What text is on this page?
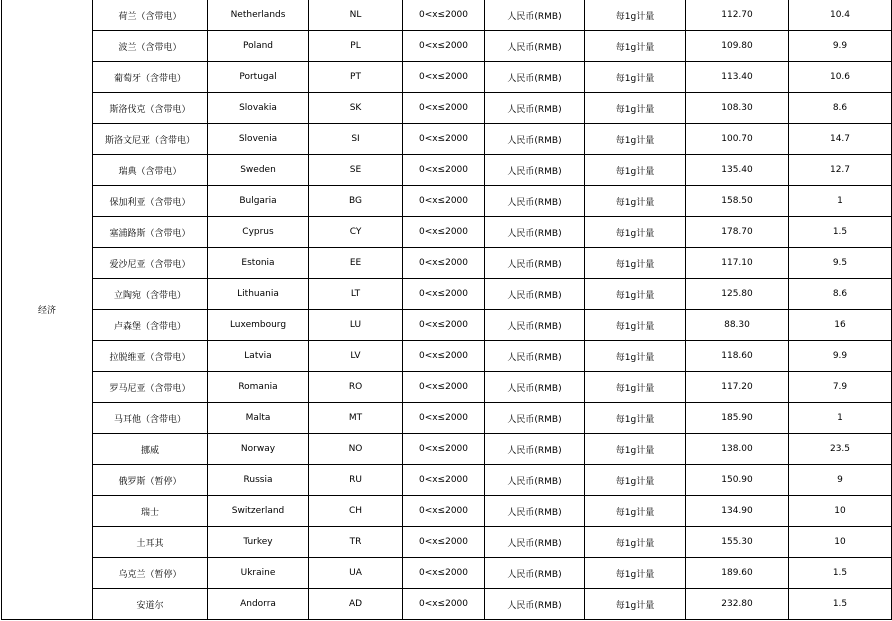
经济	荷兰（含带电）	Netherlands	NL	0<x≤2000	人民币(RMB)	每1g计量	112.70	10.4
	波兰（含带电）	Poland	PL	0<x≤2000	人民币(RMB)	每1g计量	109.80	9.9
	葡萄牙（含带电）	Portugal	PT	0<x≤2000	人民币(RMB)	每1g计量	113.40	10.6
	斯洛伐克（含带电）	Slovakia	SK	0<x≤2000	人民币(RMB)	每1g计量	108.30	8.6
	斯洛文尼亚（含带电）	Slovenia	SI	0<x≤2000	人民币(RMB)	每1g计量	100.70	14.7
	瑞典（含带电）	Sweden	SE	0<x≤2000	人民币(RMB)	每1g计量	135.40	12.7
	保加利亚（含带电）	Bulgaria	BG	0<x≤2000	人民币(RMB)	每1g计量	158.50	1
	塞浦路斯（含带电）	Cyprus	CY	0<x≤2000	人民币(RMB)	每1g计量	178.70	1.5
	爱沙尼亚（含带电）	Estonia	EE	0<x≤2000	人民币(RMB)	每1g计量	117.10	9.5
	立陶宛（含带电）	Lithuania	LT	0<x≤2000	人民币(RMB)	每1g计量	125.80	8.6
	卢森堡（含带电）	Luxembourg	LU	0<x≤2000	人民币(RMB)	每1g计量	88.30	16
	拉脱维亚（含带电）	Latvia	LV	0<x≤2000	人民币(RMB)	每1g计量	118.60	9.9
	罗马尼亚（含带电）	Romania	RO	0<x≤2000	人民币(RMB)	每1g计量	117.20	7.9
	马耳他（含带电）	Malta	MT	0<x≤2000	人民币(RMB)	每1g计量	185.90	1
	挪威	Norway	NO	0<x≤2000	人民币(RMB)	每1g计量	138.00	23.5
	俄罗斯（暂停）	Russia	RU	0<x≤2000	人民币(RMB)	每1g计量	150.90	9
	瑞士	Switzerland	CH	0<x≤2000	人民币(RMB)	每1g计量	134.90	10
	土耳其	Turkey	TR	0<x≤2000	人民币(RMB)	每1g计量	155.30	10
	乌克兰（暂停）	Ukraine	UA	0<x≤2000	人民币(RMB)	每1g计量	189.60	1.5
	安道尔	Andorra	AD	0<x≤2000	人民币(RMB)	每1g计量	232.80	1.5
